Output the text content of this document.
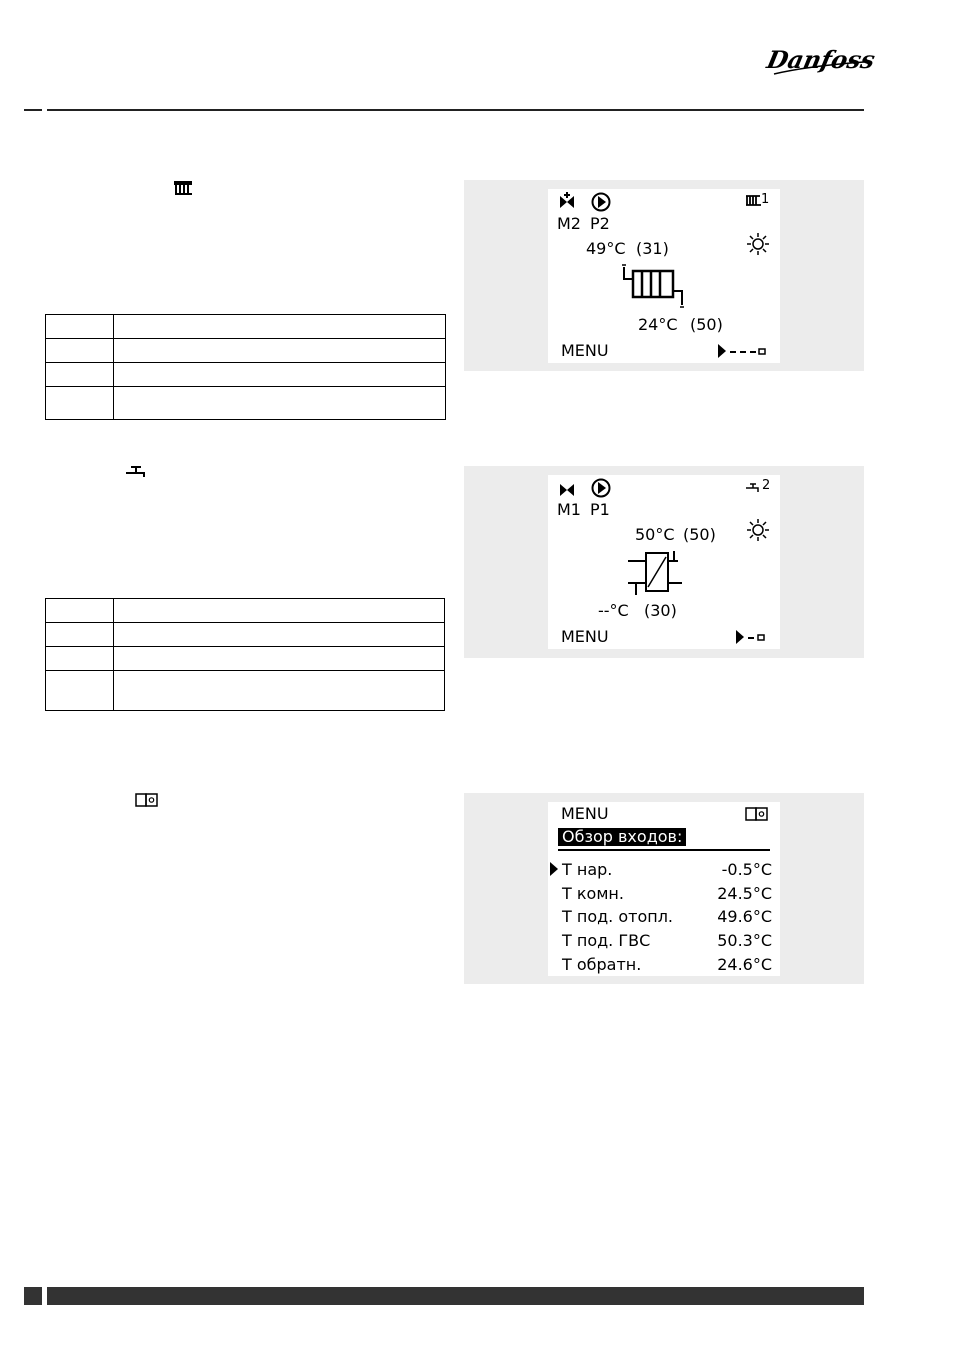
Danfoss

M2 P2
1
49°C (31)
24°C (50)
MENU
M1 P1
2
50°C (50)
--°C (30)
MENU
MENU
Обзор входов:
T нар.	-0.5°C
T комн.	24.5°C
T под. отопл.	49.6°C
T под. ГВС	50.3°C
T обратн.	24.6°C
